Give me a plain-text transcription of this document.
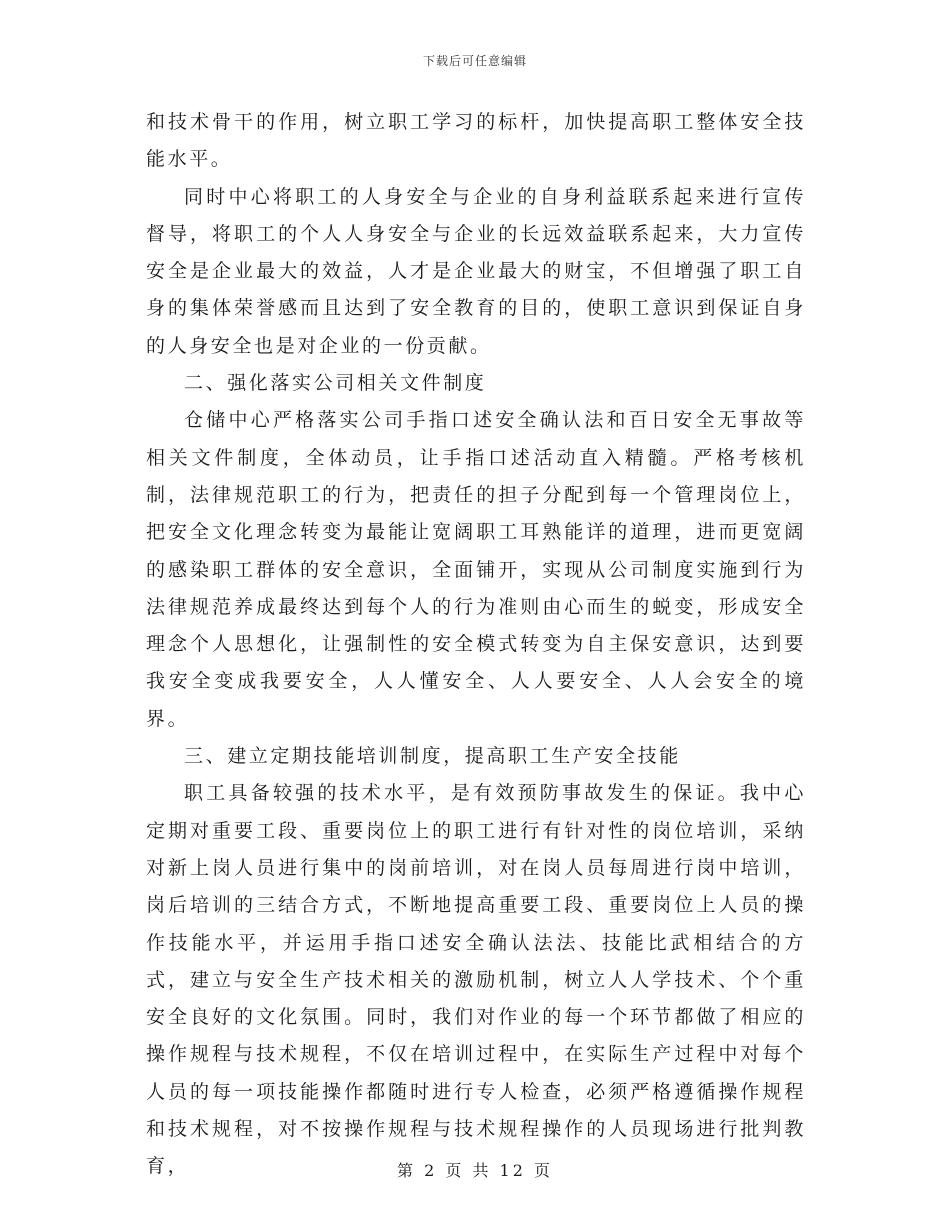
下载后可任意编辑

和技术骨干的作用，树立职工学习的标杆，加快提高职工整体安全技能水平。

同时中心将职工的人身安全与企业的自身利益联系起来进行宣传督导，将职工的个人人身安全与企业的长远效益联系起来，大力宣传安全是企业最大的效益，人才是企业最大的财宝，不但增强了职工自身的集体荣誉感而且达到了安全教育的目的，使职工意识到保证自身的人身安全也是对企业的一份贡献。

二、强化落实公司相关文件制度

仓储中心严格落实公司手指口述安全确认法和百日安全无事故等相关文件制度，全体动员，让手指口述活动直入精髓。严格考核机制，法律规范职工的行为，把责任的担子分配到每一个管理岗位上，把安全文化理念转变为最能让宽阔职工耳熟能详的道理，进而更宽阔的感染职工群体的安全意识，全面铺开，实现从公司制度实施到行为法律规范养成最终达到每个人的行为准则由心而生的蜕变，形成安全理念个人思想化，让强制性的安全模式转变为自主保安意识，达到要我安全变成我要安全，人人懂安全、人人要安全、人人会安全的境界。

三、建立定期技能培训制度，提高职工生产安全技能

职工具备较强的技术水平，是有效预防事故发生的保证。我中心定期对重要工段、重要岗位上的职工进行有针对性的岗位培训，采纳对新上岗人员进行集中的岗前培训，对在岗人员每周进行岗中培训，岗后培训的三结合方式，不断地提高重要工段、重要岗位上人员的操作技能水平，并运用手指口述安全确认法法、技能比武相结合的方式，建立与安全生产技术相关的激励机制，树立人人学技术、个个重安全良好的文化氛围。同时，我们对作业的每一个环节都做了相应的操作规程与技术规程，不仅在培训过程中，在实际生产过程中对每个人员的每一项技能操作都随时进行专人检查，必须严格遵循操作规程和技术规程，对不按操作规程与技术规程操作的人员现场进行批判教育，	第 2 页 共 12 页
